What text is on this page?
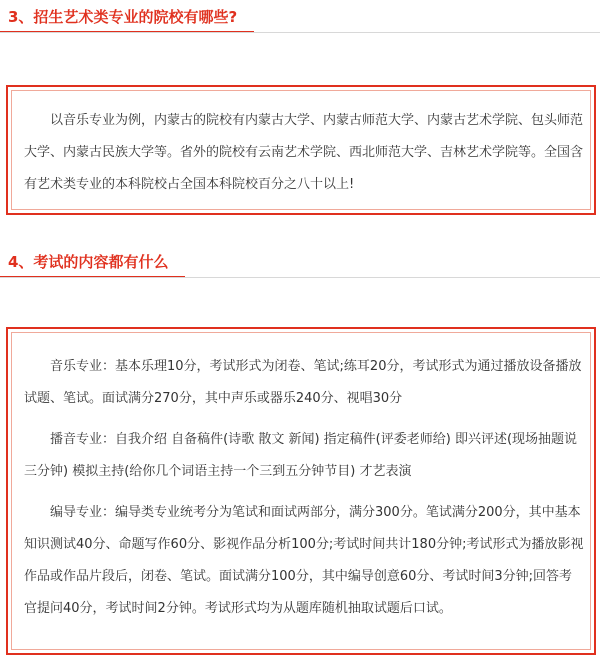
3、招生艺术类专业的院校有哪些?

以音乐专业为例，内蒙古的院校有内蒙古大学、内蒙古师范大学、内蒙古艺术学院、包头师范大学、内蒙古民族大学等。省外的院校有云南艺术学院、西北师范大学、吉林艺术学院等。全国含有艺术类专业的本科院校占全国本科院校百分之八十以上!

4、考试的内容都有什么

音乐专业：基本乐理10分，考试形式为闭卷、笔试;练耳20分，考试形式为通过播放设备播放试题、笔试。面试满分270分，其中声乐或器乐240分、视唱30分

播音专业：自我介绍 自备稿件(诗歌 散文 新闻) 指定稿件(评委老师给) 即兴评述(现场抽题说三分钟) 模拟主持(给你几个词语主持一个三到五分钟节目) 才艺表演

编导专业：编导类专业统考分为笔试和面试两部分，满分300分。笔试满分200分，其中基本知识测试40分、命题写作60分、影视作品分析100分;考试时间共计180分钟;考试形式为播放影视作品或作品片段后，闭卷、笔试。面试满分100分，其中编导创意60分、考试时间3分钟;回答考官提问40分，考试时间2分钟。考试形式均为从题库随机抽取试题后口试。
